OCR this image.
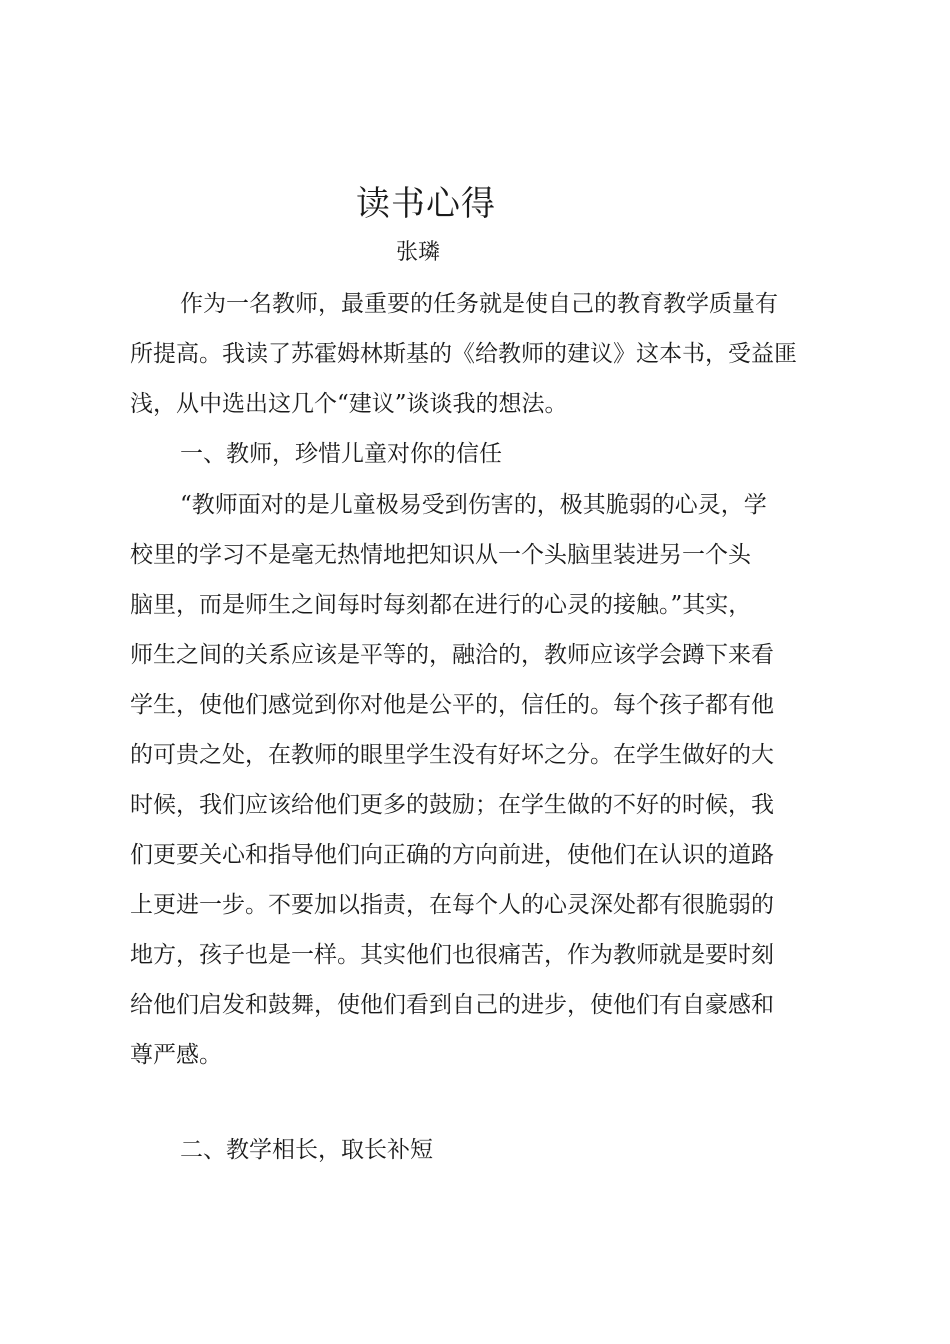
读书心得
张璘
作为一名教师，最重要的任务就是使自己的教育教学质量有
所提高。我读了苏霍姆林斯基的《给教师的建议》这本书，受益匪
浅，从中选出这几个“建议”谈谈我的想法。
一、教师，珍惜儿童对你的信任
“教师面对的是儿童极易受到伤害的，极其脆弱的心灵，学
校里的学习不是毫无热情地把知识从一个头脑里装进另一个头
脑里，而是师生之间每时每刻都在进行的心灵的接触。”其实，
师生之间的关系应该是平等的，融洽的，教师应该学会蹲下来看
学生，使他们感觉到你对他是公平的，信任的。每个孩子都有他
的可贵之处，在教师的眼里学生没有好坏之分。在学生做好的大
时候，我们应该给他们更多的鼓励；在学生做的不好的时候，我
们更要关心和指导他们向正确的方向前进，使他们在认识的道路
上更进一步。不要加以指责，在每个人的心灵深处都有很脆弱的
地方，孩子也是一样。其实他们也很痛苦，作为教师就是要时刻
给他们启发和鼓舞，使他们看到自己的进步，使他们有自豪感和
尊严感。
二、教学相长，取长补短
